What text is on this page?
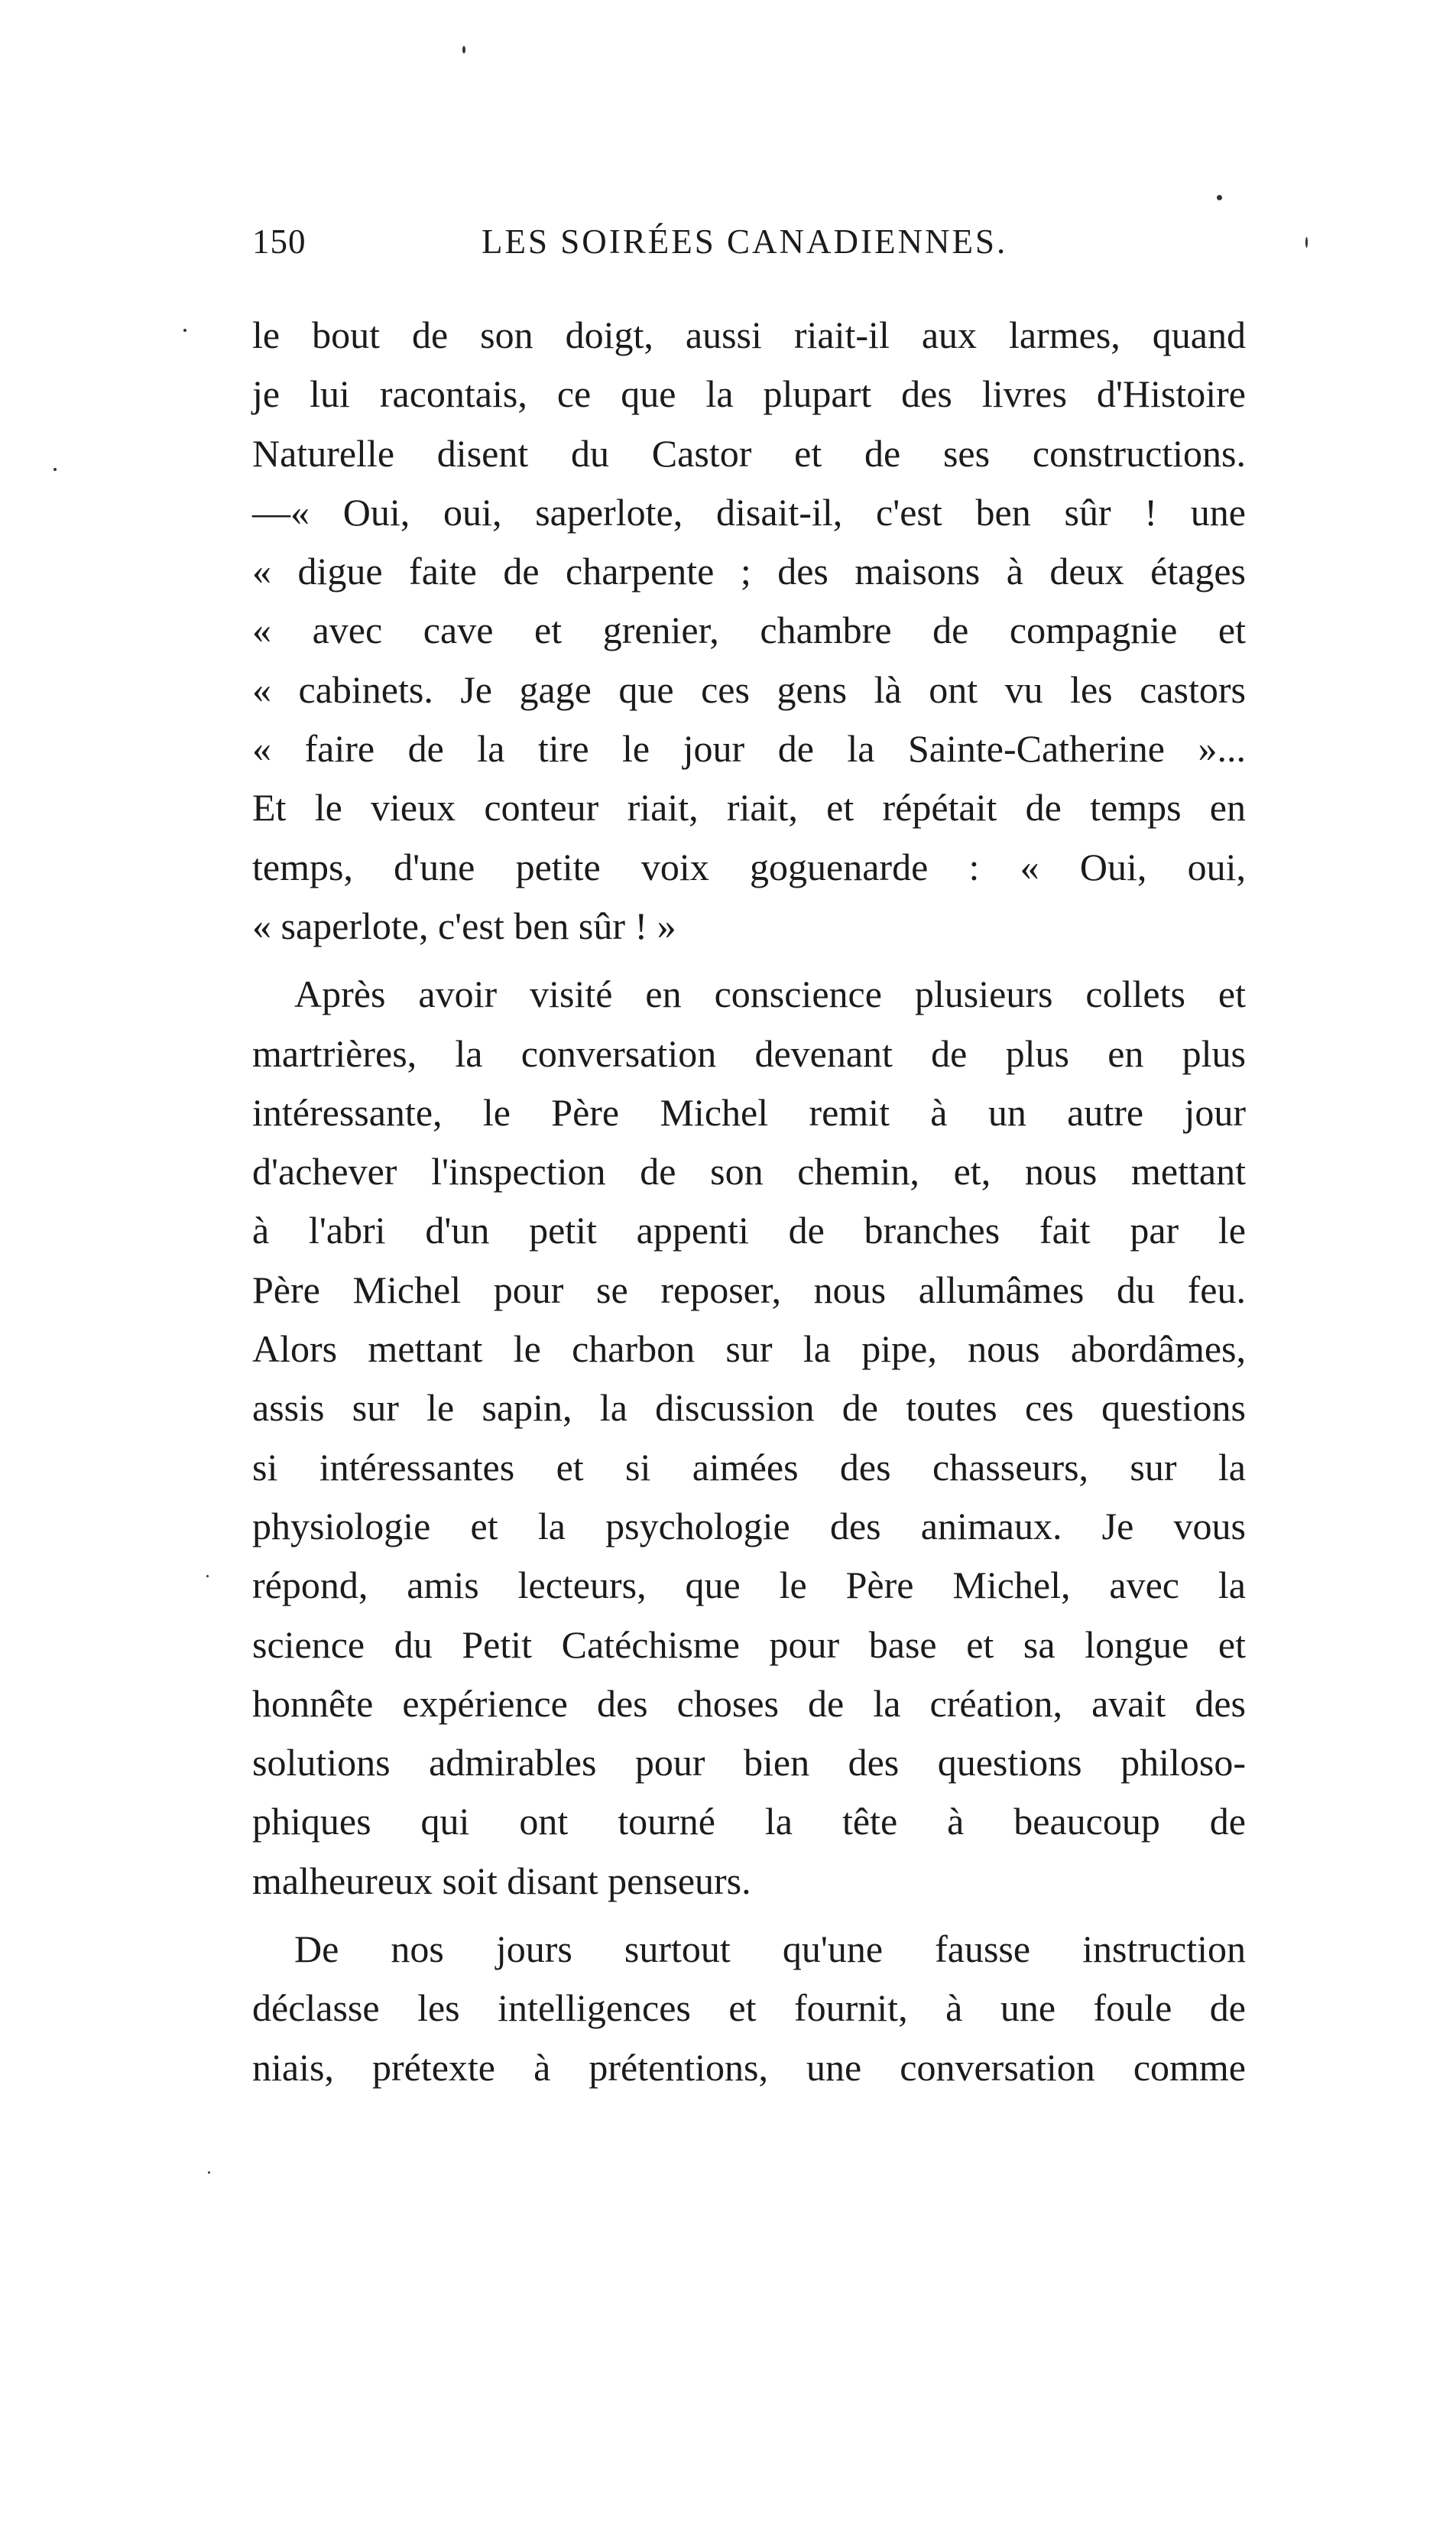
150	LES SOIRÉES CANADIENNES.

le bout de son doigt, aussi riait-il aux larmes, quand
je lui racontais, ce que la plupart des livres d'Histoire
Naturelle disent du Castor et de ses constructions.
—« Oui, oui, saperlote, disait-il, c'est ben sûr ! une
« digue faite de charpente ; des maisons à deux étages
« avec cave et grenier, chambre de compagnie et
« cabinets. Je gage que ces gens là ont vu les castors
« faire de la tire le jour de la Sainte-Catherine »...
Et le vieux conteur riait, riait, et répétait de temps en
temps, d'une petite voix goguenarde : « Oui, oui,
« saperlote, c'est ben sûr ! »

Après avoir visité en conscience plusieurs collets et
martrières, la conversation devenant de plus en plus
intéressante, le Père Michel remit à un autre jour
d'achever l'inspection de son chemin, et, nous mettant
à l'abri d'un petit appenti de branches fait par le
Père Michel pour se reposer, nous allumâmes du feu.
Alors mettant le charbon sur la pipe, nous abordâmes,
assis sur le sapin, la discussion de toutes ces questions
si intéressantes et si aimées des chasseurs, sur la
physiologie et la psychologie des animaux. Je vous
répond, amis lecteurs, que le Père Michel, avec la
science du Petit Catéchisme pour base et sa longue et
honnête expérience des choses de la création, avait des
solutions admirables pour bien des questions philoso-
phiques qui ont tourné la tête à beaucoup de
malheureux soit disant penseurs.

De nos jours surtout qu'une fausse instruction
déclasse les intelligences et fournit, à une foule de
niais, prétexte à prétentions, une conversation comme
